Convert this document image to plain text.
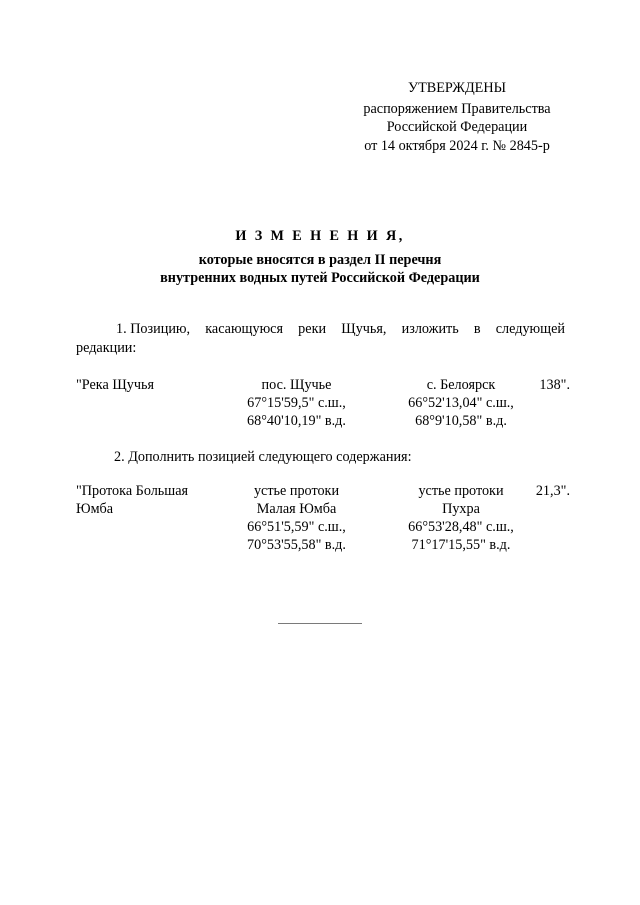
УТВЕРЖДЕНЫ
распоряжением Правительства
Российской Федерации
от 14 октября 2024 г. № 2845-р
И З М Е Н Е Н И Я,
которые вносятся в раздел II перечня
внутренних водных путей Российской Федерации
1. Позицию, касающуюся реки Щучья, изложить в следующей
редакции:
"Река Щучья	пос. Щучье
67°15'59,5" с.ш.,
68°40'10,19" в.д.
с. Белоярск
66°52'13,04" с.ш.,
68°9'10,58" в.д.
138".
2. Дополнить позицией следующего содержания:
"Протока Большая
Юмба
устье протоки
Малая Юмба
66°51'5,59" с.ш.,
70°53'55,58" в.д.
устье протоки
Пухра
66°53'28,48" с.ш.,
71°17'15,55" в.д.
21,3".
